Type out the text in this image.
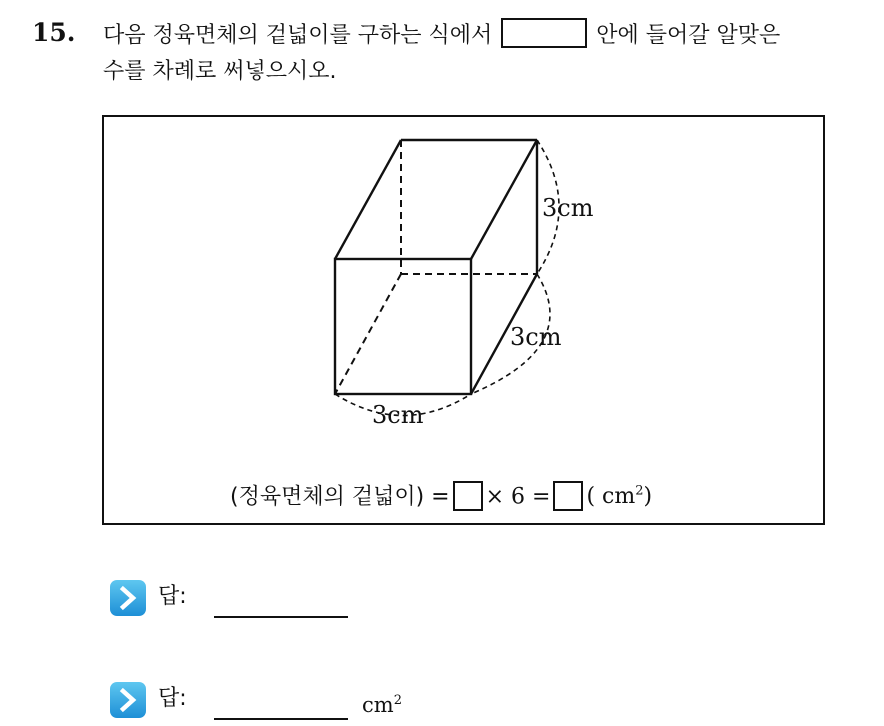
15. 다음 정육면체의 겉넓이를 구하는 식에서	안에 들어갈 알맞은
수를 차례로 써넣으시오.
3cm
3cm
3cm
(정육면체의 겉넓이) = × 6 = ( $cm^2$)
답:
답:	$cm^2$
